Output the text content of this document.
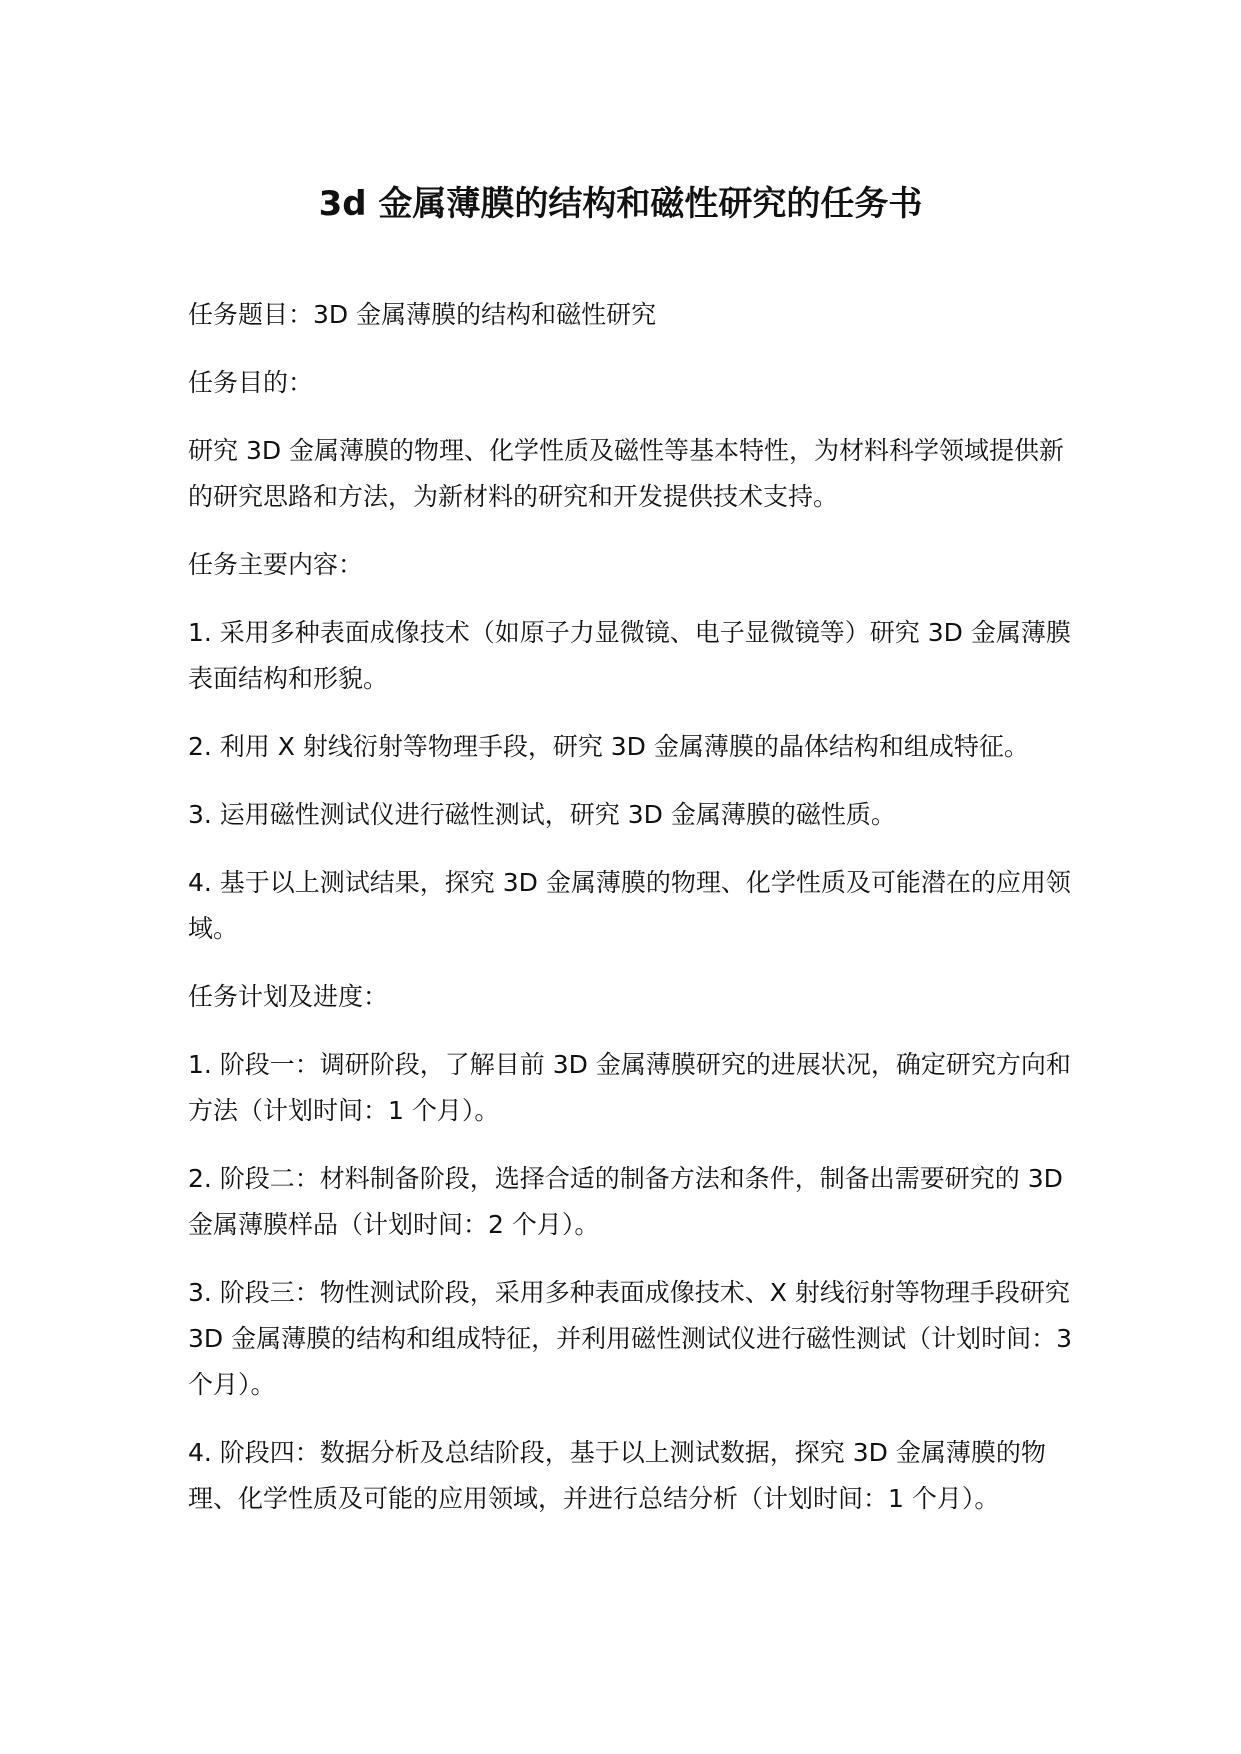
3d 金属薄膜的结构和磁性研究的任务书

任务题目：3D 金属薄膜的结构和磁性研究

任务目的：

研究 3D 金属薄膜的物理、化学性质及磁性等基本特性，为材料科学领域提供新的研究思路和方法，为新材料的研究和开发提供技术支持。

任务主要内容：

1. 采用多种表面成像技术（如原子力显微镜、电子显微镜等）研究 3D 金属薄膜表面结构和形貌。

2. 利用 X 射线衍射等物理手段，研究 3D 金属薄膜的晶体结构和组成特征。

3. 运用磁性测试仪进行磁性测试，研究 3D 金属薄膜的磁性质。

4. 基于以上测试结果，探究 3D 金属薄膜的物理、化学性质及可能潜在的应用领域。

任务计划及进度：

1. 阶段一：调研阶段，了解目前 3D 金属薄膜研究的进展状况，确定研究方向和方法（计划时间：1 个月）。

2. 阶段二：材料制备阶段，选择合适的制备方法和条件，制备出需要研究的 3D 金属薄膜样品（计划时间：2 个月）。

3. 阶段三：物性测试阶段，采用多种表面成像技术、X 射线衍射等物理手段研究 3D 金属薄膜的结构和组成特征，并利用磁性测试仪进行磁性测试（计划时间：3 个月）。

4. 阶段四：数据分析及总结阶段，基于以上测试数据，探究 3D 金属薄膜的物理、化学性质及可能的应用领域，并进行总结分析（计划时间：1 个月）。
